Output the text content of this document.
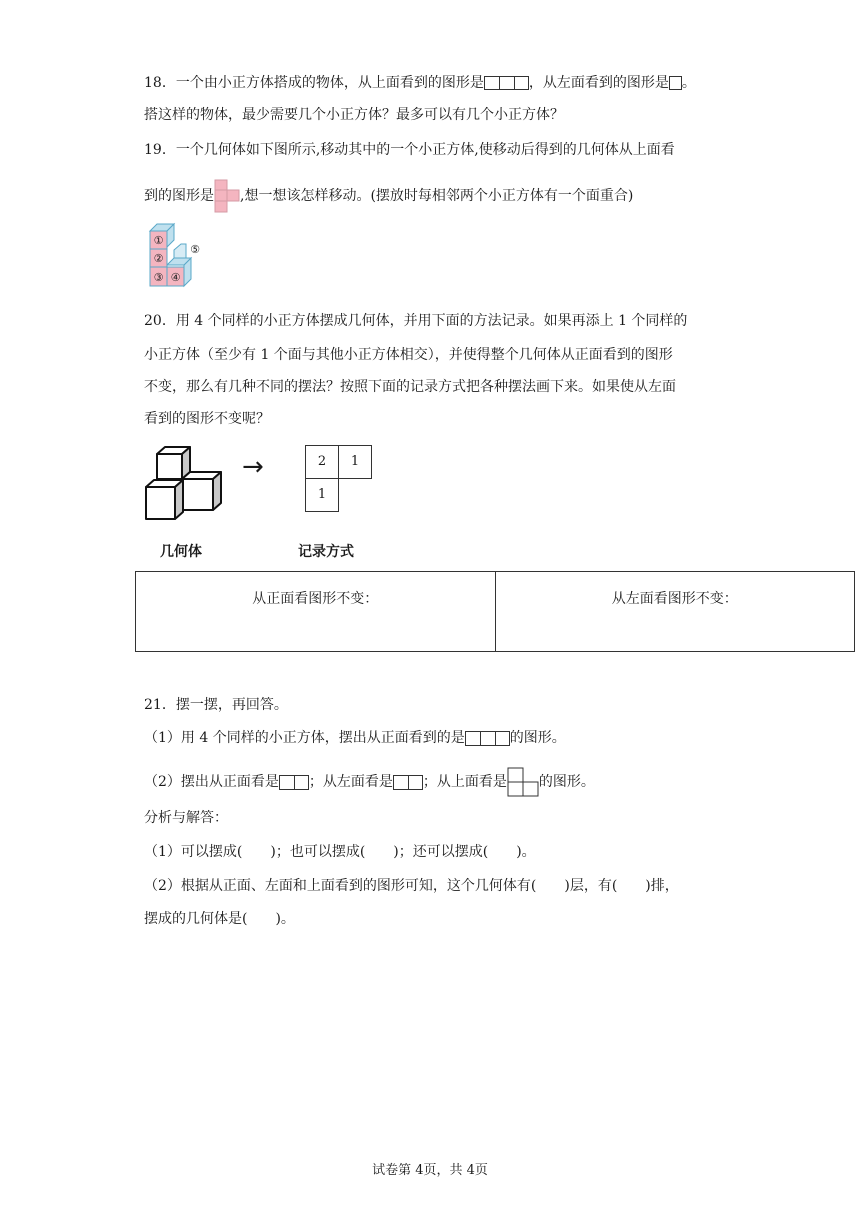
18．一个由小正方体搭成的物体，从上面看到的图形是	，从左面看到的图形是 。
搭这样的物体，最少需要几个小正方体？最多可以有几个小正方体？
19．一个几何体如下图所示,移动其中的一个小正方体,使移动后得到的几何体从上面看
到的图形是 ,想一想该怎样移动。(摆放时每相邻两个小正方体有一个面重合)
①
②
③ ④
⑤
20．用 4 个同样的小正方体摆成几何体，并用下面的方法记录。如果再添上 1 个同样的
小正方体（至少有 1 个面与其他小正方体相交），并使得整个几何体从正面看到的图形
不变，那么有几种不同的摆法？按照下面的记录方式把各种摆法画下来。如果使从左面
看到的图形不变呢？
→	2	1
1
几何体	记录方式
从正面看图形不变：	从左面看图形不变：
21．摆一摆，再回答。
（1）用 4 个同样的小正方体，摆出从正面看到的是	的图形。
（2）摆出从正面看是 ；从左面看是 ；从上面看是 的图形。
分析与解答：
（1）可以摆成(　　)；也可以摆成(　　)；还可以摆成(　　)。
（2）根据从正面、左面和上面看到的图形可知，这个几何体有(　　)层，有(　　)排，
摆成的几何体是(　　)。
试卷第 4页，共 4页
